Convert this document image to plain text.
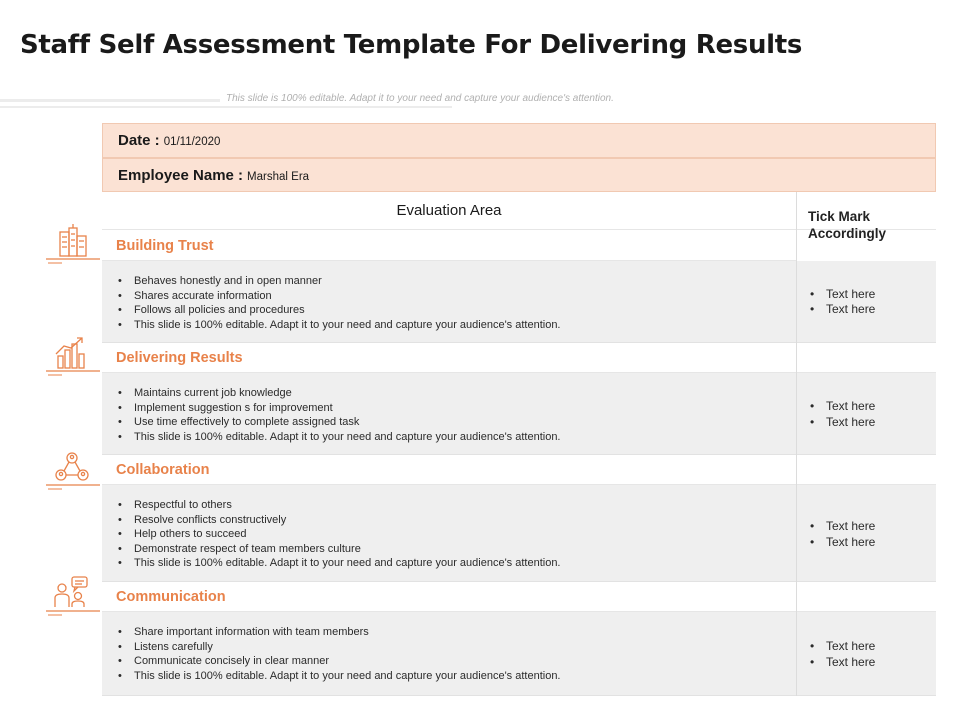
Staff Self Assessment Template For Delivering Results
This slide is 100% editable. Adapt it to your need and capture your audience's attention.
Date : 01/11/2020
Employee Name : Marshal Era
Evaluation Area	Tick Mark
Accordingly
Building Trust
• Behaves honestly and in open manner
• Shares accurate information
• Follows all policies and procedures
• This slide is 100% editable. Adapt it to your need and capture your audience's attention.
• Text here
• Text here
Delivering Results
• Maintains current job knowledge
• Implement suggestion s for improvement
• Use time effectively to complete assigned task
• This slide is 100% editable. Adapt it to your need and capture your audience's attention.
• Text here
• Text here
Collaboration
• Respectful to others
• Resolve conflicts constructively
• Help others to succeed
• Demonstrate respect of team members culture
• This slide is 100% editable. Adapt it to your need and capture your audience's attention.
• Text here
• Text here
Communication
• Share important information with team members
• Listens carefully
• Communicate concisely in clear manner
• This slide is 100% editable. Adapt it to your need and capture your audience's attention.
• Text here
• Text here
